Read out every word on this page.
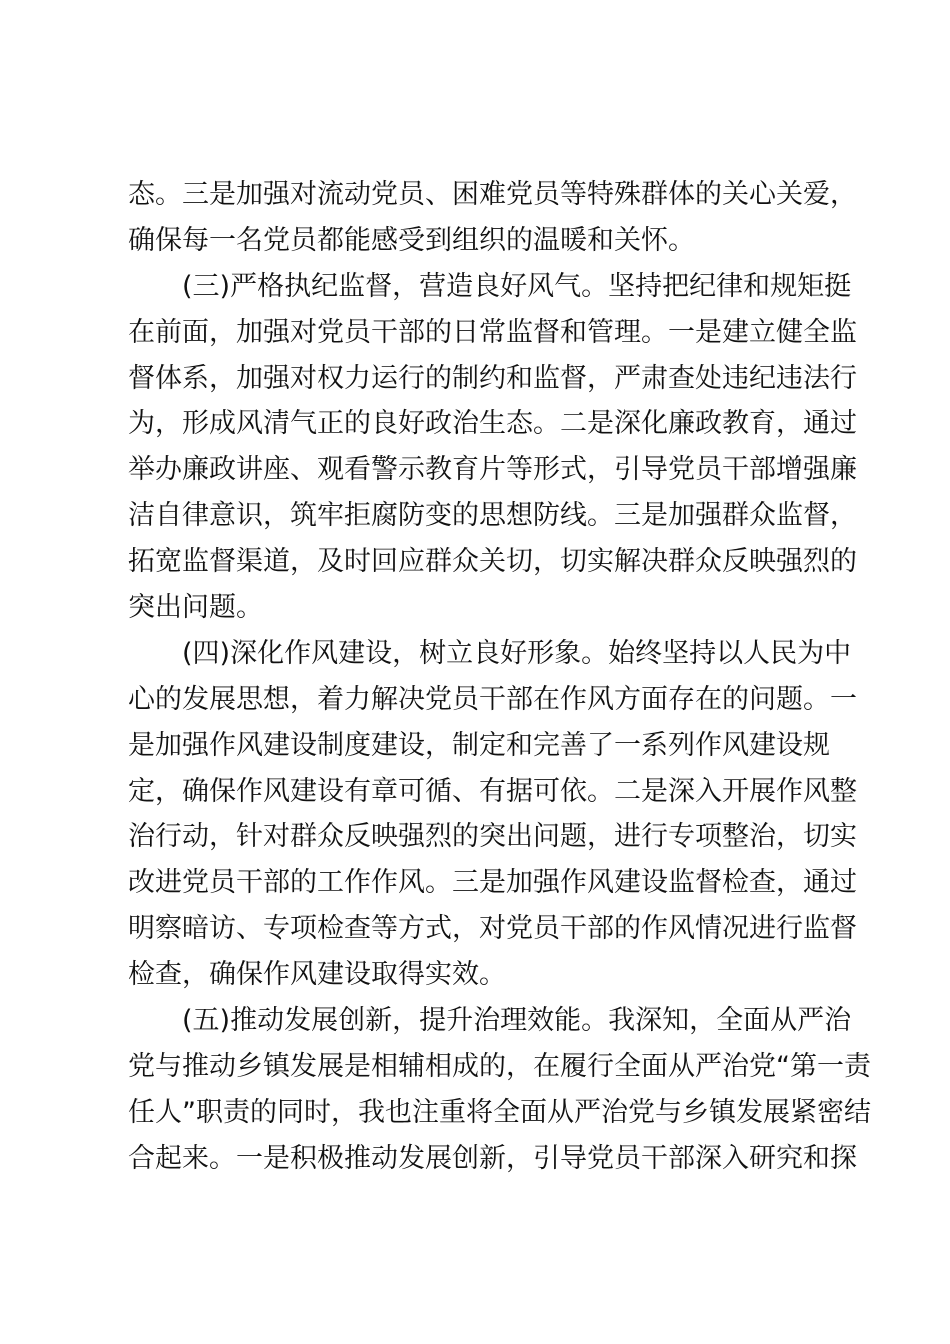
态。三是加强对流动党员、困难党员等特殊群体的关心关爱，
确保每一名党员都能感受到组织的温暖和关怀。
(三)严格执纪监督，营造良好风气。坚持把纪律和规矩挺
在前面，加强对党员干部的日常监督和管理。一是建立健全监
督体系，加强对权力运行的制约和监督，严肃查处违纪违法行
为，形成风清气正的良好政治生态。二是深化廉政教育，通过
举办廉政讲座、观看警示教育片等形式，引导党员干部增强廉
洁自律意识，筑牢拒腐防变的思想防线。三是加强群众监督，
拓宽监督渠道，及时回应群众关切，切实解决群众反映强烈的
突出问题。
(四)深化作风建设，树立良好形象。始终坚持以人民为中
心的发展思想，着力解决党员干部在作风方面存在的问题。一
是加强作风建设制度建设，制定和完善了一系列作风建设规
定，确保作风建设有章可循、有据可依。二是深入开展作风整
治行动，针对群众反映强烈的突出问题，进行专项整治，切实
改进党员干部的工作作风。三是加强作风建设监督检查，通过
明察暗访、专项检查等方式，对党员干部的作风情况进行监督
检查，确保作风建设取得实效。
(五)推动发展创新，提升治理效能。我深知，全面从严治
党与推动乡镇发展是相辅相成的，在履行全面从严治党“第一责
任人”职责的同时，我也注重将全面从严治党与乡镇发展紧密结
合起来。一是积极推动发展创新，引导党员干部深入研究和探
